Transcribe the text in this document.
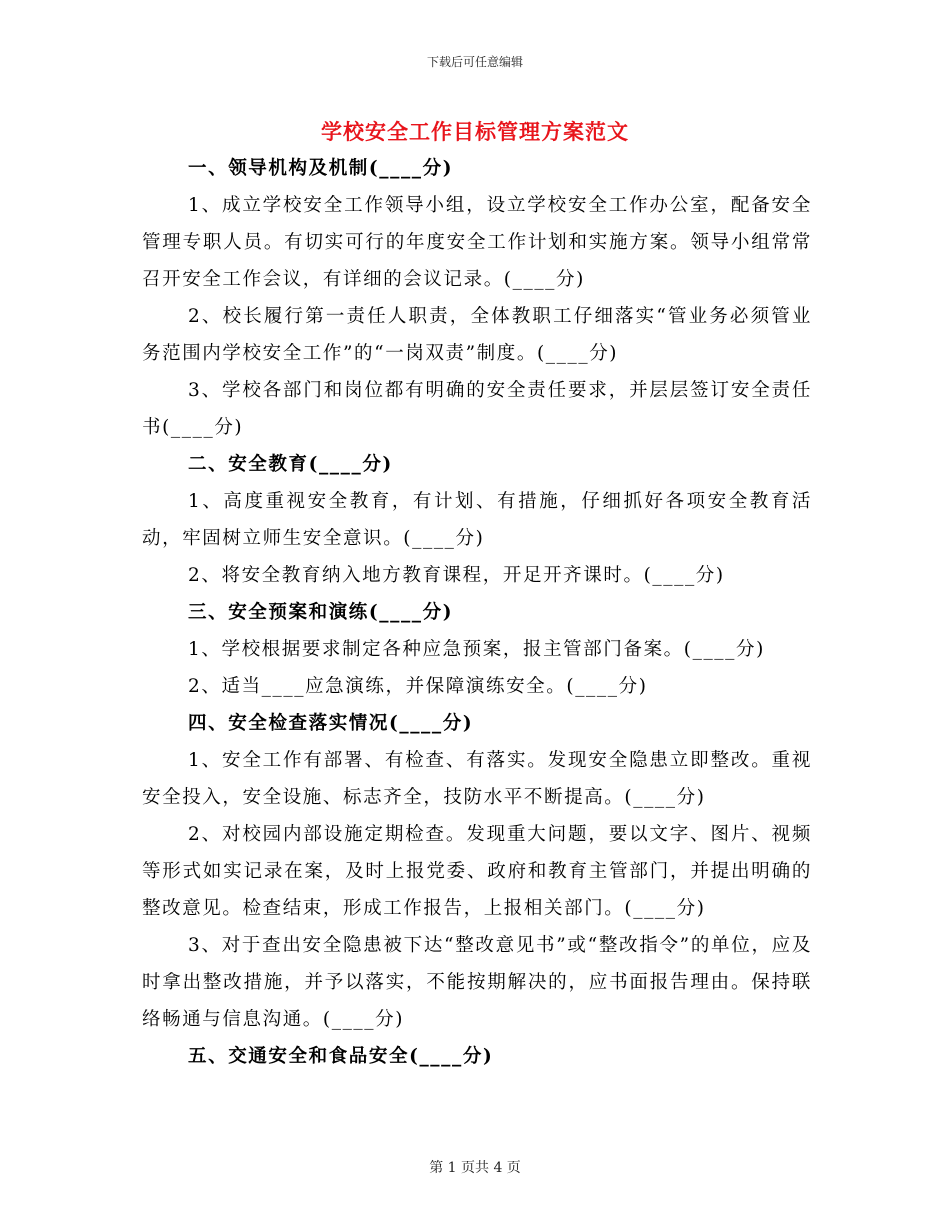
下载后可任意编辑
学校安全工作目标管理方案范文

一、领导机构及机制(____分)

1、成立学校安全工作领导小组，设立学校安全工作办公室，配备安全管理专职人员。有切实可行的年度安全工作计划和实施方案。领导小组常常召开安全工作会议，有详细的会议记录。(____分)

2、校长履行第一责任人职责，全体教职工仔细落实“管业务必须管业务范围内学校安全工作”的“一岗双责”制度。(____分)

3、学校各部门和岗位都有明确的安全责任要求，并层层签订安全责任书(____分)

二、安全教育(____分)

1、高度重视安全教育，有计划、有措施，仔细抓好各项安全教育活动，牢固树立师生安全意识。(____分)

2、将安全教育纳入地方教育课程，开足开齐课时。(____分)

三、安全预案和演练(____分)

1、学校根据要求制定各种应急预案，报主管部门备案。(____分)

2、适当____应急演练，并保障演练安全。(____分)

四、安全检查落实情况(____分)

1、安全工作有部署、有检查、有落实。发现安全隐患立即整改。重视安全投入，安全设施、标志齐全，技防水平不断提高。(____分)

2、对校园内部设施定期检查。发现重大问题，要以文字、图片、视频等形式如实记录在案，及时上报党委、政府和教育主管部门，并提出明确的整改意见。检查结束，形成工作报告，上报相关部门。(____分)

3、对于查出安全隐患被下达“整改意见书”或“整改指令”的单位，应及时拿出整改措施，并予以落实，不能按期解决的，应书面报告理由。保持联络畅通与信息沟通。(____分)

五、交通安全和食品安全(____分)

第 1 页共 4 页
